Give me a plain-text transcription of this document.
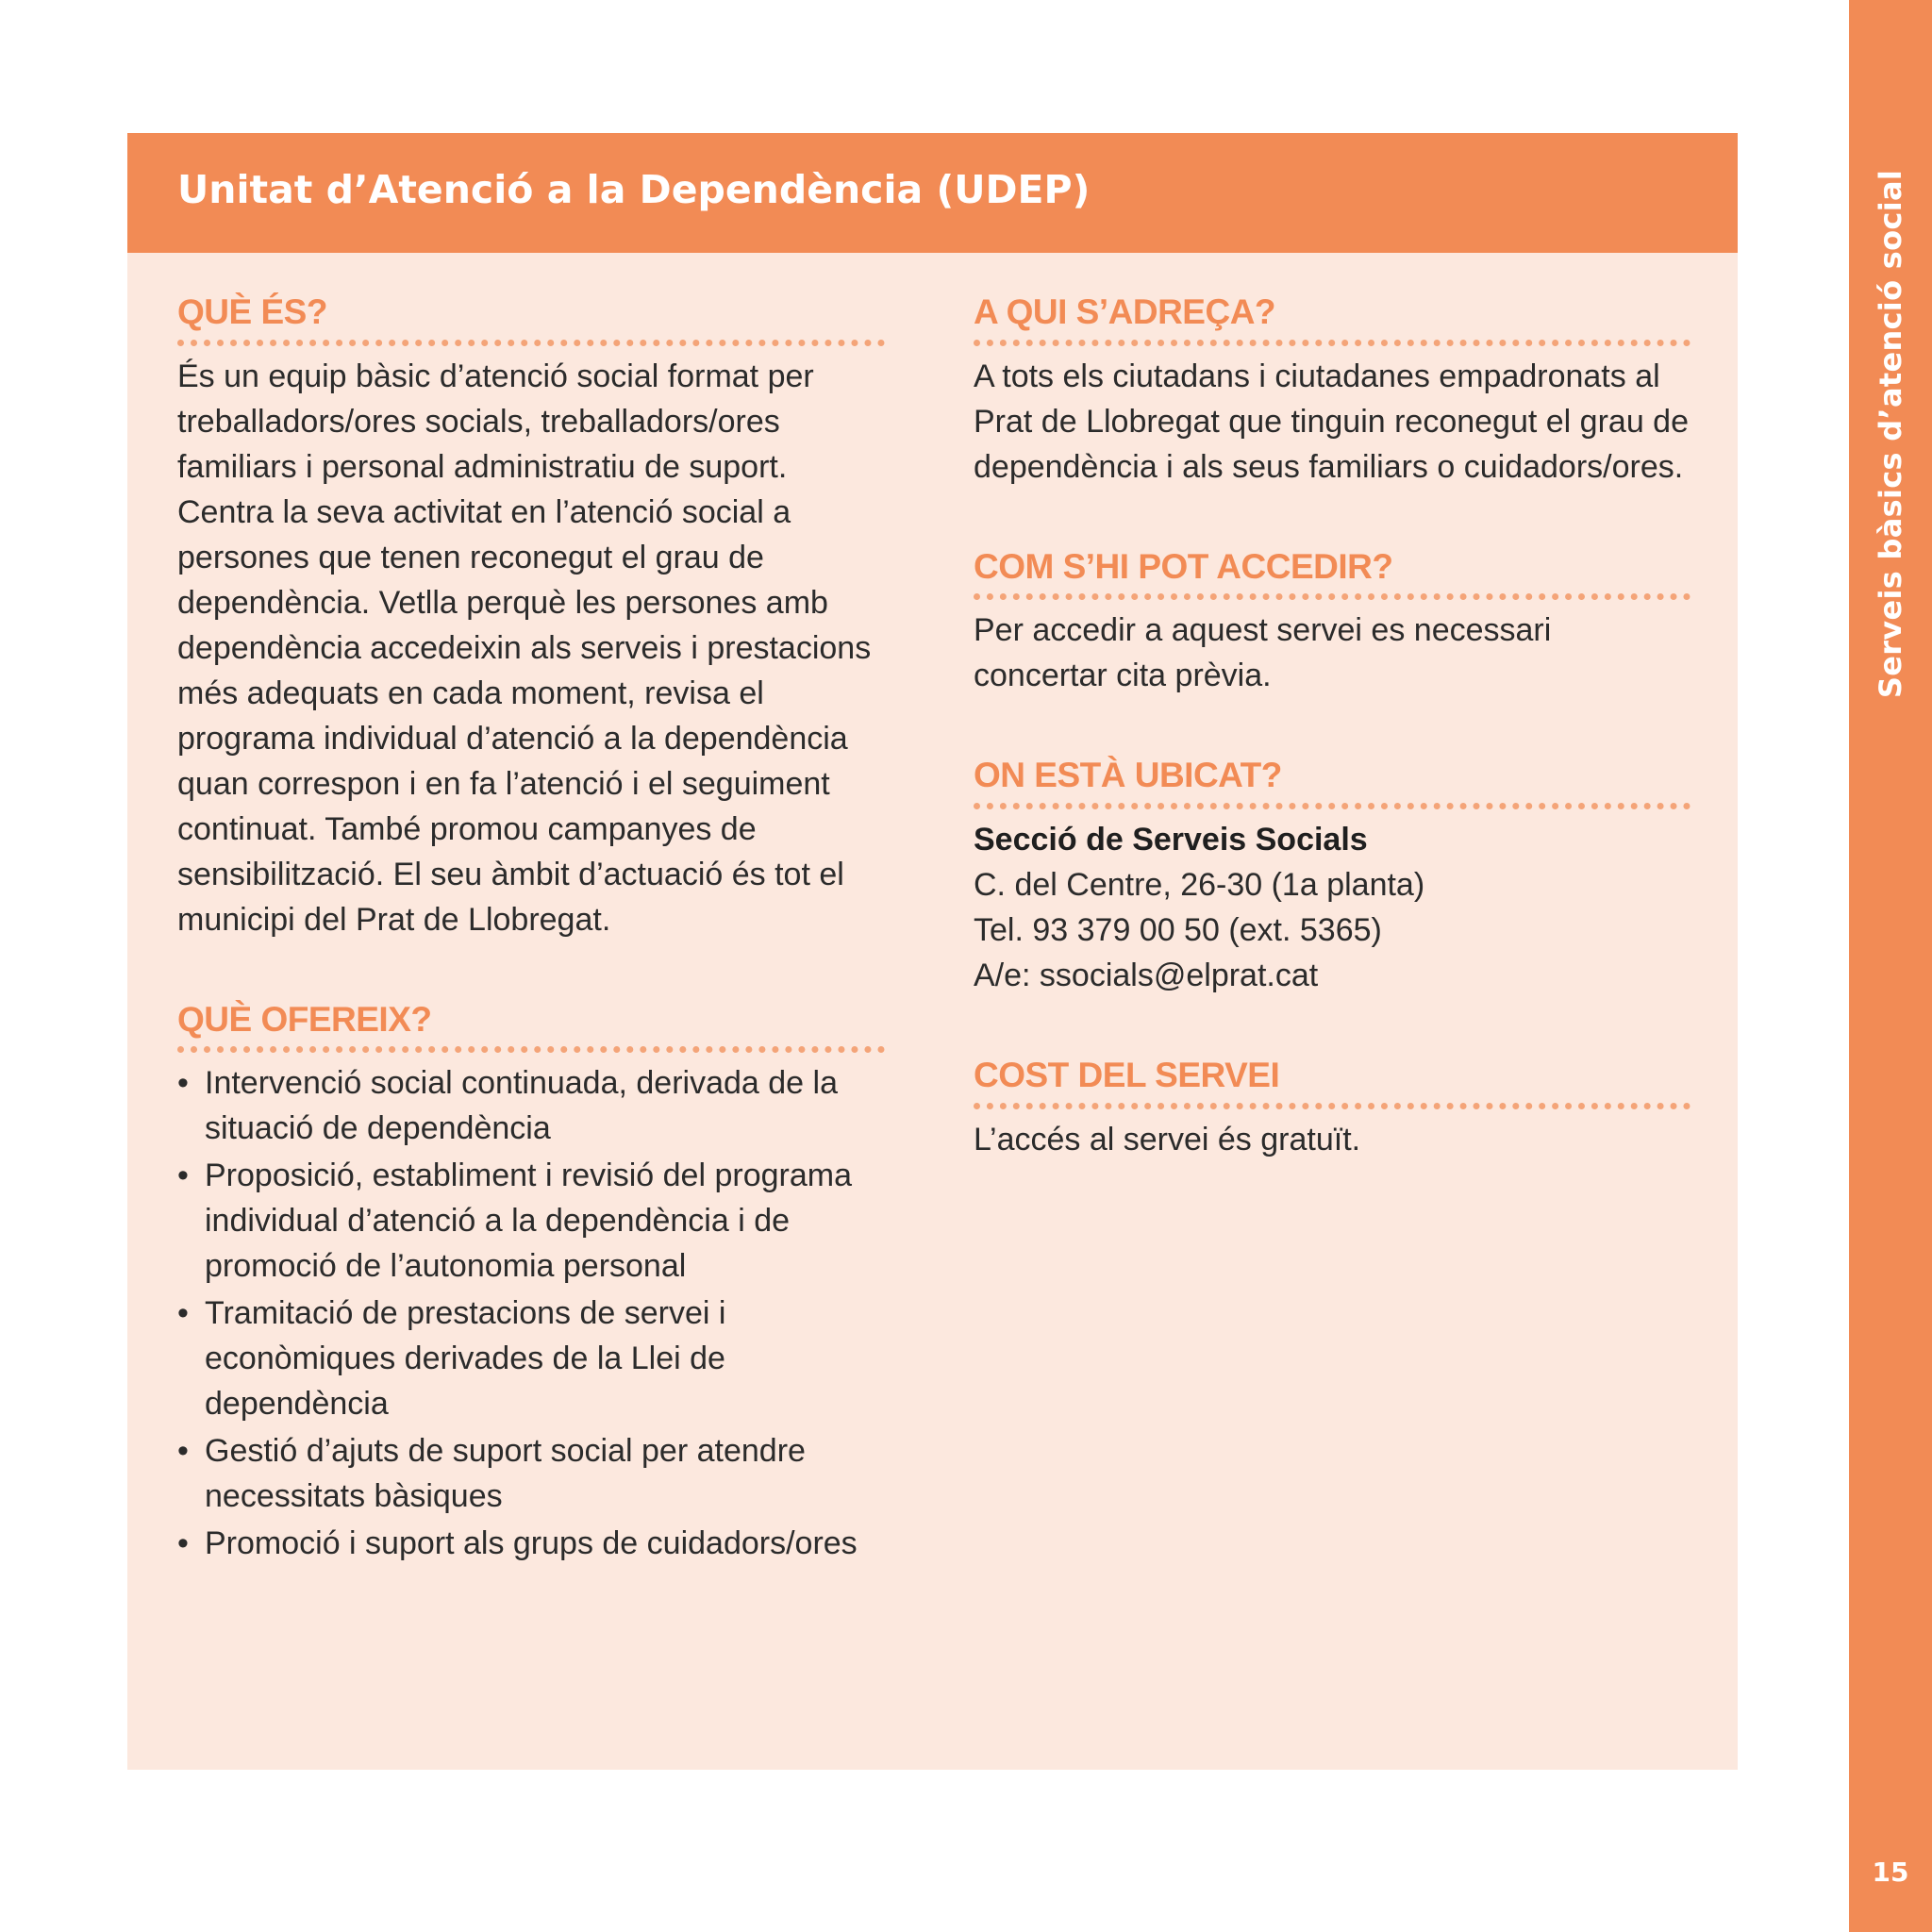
Serveis bàsics d’atenció social
15
Unitat d’Atenció a la Dependència (UDEP)
QUÈ ÉS?

És un equip bàsic d’atenció social format per treballadors/ores socials, treballadors/ores familiars i personal administratiu de suport. Centra la seva activitat en l’atenció social a persones que tenen reconegut el grau de dependència. Vetlla perquè les persones amb dependència accedeixin als serveis i prestacions més adequats en cada moment, revisa el programa individual d’atenció a la dependència quan correspon i en fa l’atenció i el seguiment continuat. També promou campanyes de sensibilització. El seu àmbit d’actuació és tot el municipi del Prat de Llobregat.

QUÈ OFEREIX?
• Intervenció social continuada, derivada de la situació de dependència
• Proposició, establiment i revisió del programa individual d’atenció a la dependència i de promoció de l’autonomia personal
• Tramitació de prestacions de servei i econòmiques derivades de la Llei de dependència
• Gestió d’ajuts de suport social per atendre necessitats bàsiques
• Promoció i suport als grups de cuidadors/ores
A QUI S’ADREÇA?

A tots els ciutadans i ciutadanes empadronats al Prat de Llobregat que tinguin reconegut el grau de dependència i als seus familiars o cuidadors/ores.

COM S’HI POT ACCEDIR?

Per accedir a aquest servei es necessari concertar cita prèvia.

ON ESTÀ UBICAT?

Secció de Serveis Socials

C. del Centre, 26-30 (1a planta)

Tel. 93 379 00 50 (ext. 5365)

A/e: ssocials@elprat.cat

COST DEL SERVEI

L’accés al servei és gratuït.
